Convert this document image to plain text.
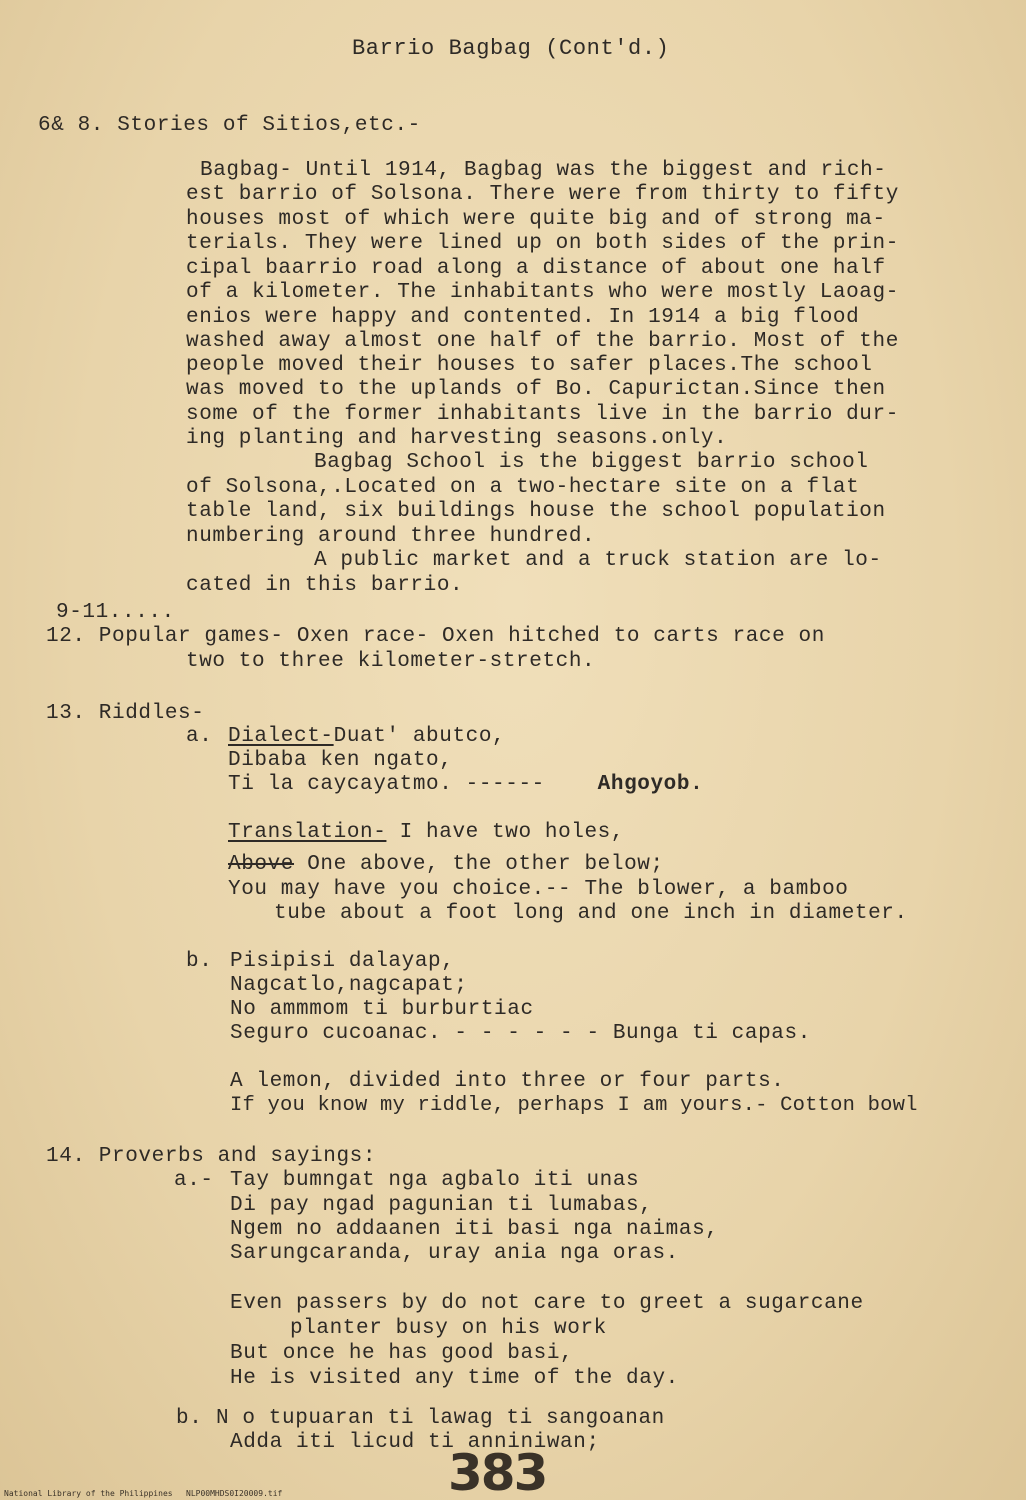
Barrio Bagbag (Cont'd.)
6& 8. Stories of Sitios,etc.-
Bagbag- Until 1914, Bagbag was the biggest and rich-
est barrio of Solsona. There were from thirty to fifty
houses most of which were quite big and of strong ma-
terials. They were lined up on both sides of the prin-
cipal baarrio road along a distance of about one half
of a kilometer. The inhabitants who were mostly Laoag-
enios were happy and contented. In 1914 a big flood
washed away almost one half of the barrio. Most of the
people moved their houses to safer places.The school
was moved to the uplands of Bo. Capurictan.Since then
some of the former inhabitants live in the barrio dur-
ing planting and harvesting seasons.only.
Bagbag School is the biggest barrio school
of Solsona,.Located on a two-hectare site on a flat
table land, six buildings house the school population
numbering around three hundred.
A public market and a truck station are lo-
cated in this barrio.
9-11.....
12. Popular games- Oxen race- Oxen hitched to carts race on
two to three kilometer-stretch.
13. Riddles-
a. Dialect-Duat' abutco,
Dibaba ken ngato,
Ti la caycayatmo. ------	Ahgoyob.
Translation- I have two holes,
Above One above, the other below;
You may have you choice.-- The blower, a bamboo
tube about a foot long and one inch in diameter.
b. Pisipisi dalayap,
Nagcatlo,nagcapat;
No ammmom ti burburtiac
Seguro cucoanac. - - - - - - Bunga ti capas.
A lemon, divided into three or four parts.
If you know my riddle, perhaps I am yours.- Cotton bowl
14. Proverbs and sayings:
a.- Tay bumngat nga agbalo iti unas
Di pay ngad pagunian ti lumabas,
Ngem no addaanen iti basi nga naimas,
Sarungcaranda, uray ania nga oras.
Even passers by do not care to greet a sugarcane
planter busy on his work
But once he has good basi,
He is visited any time of the day.
b. N o tupuaran ti lawag ti sangoanan
Adda iti licud ti anniniwan;
383
National Library of the Philippines NLP00MHDS0I20009.tif
